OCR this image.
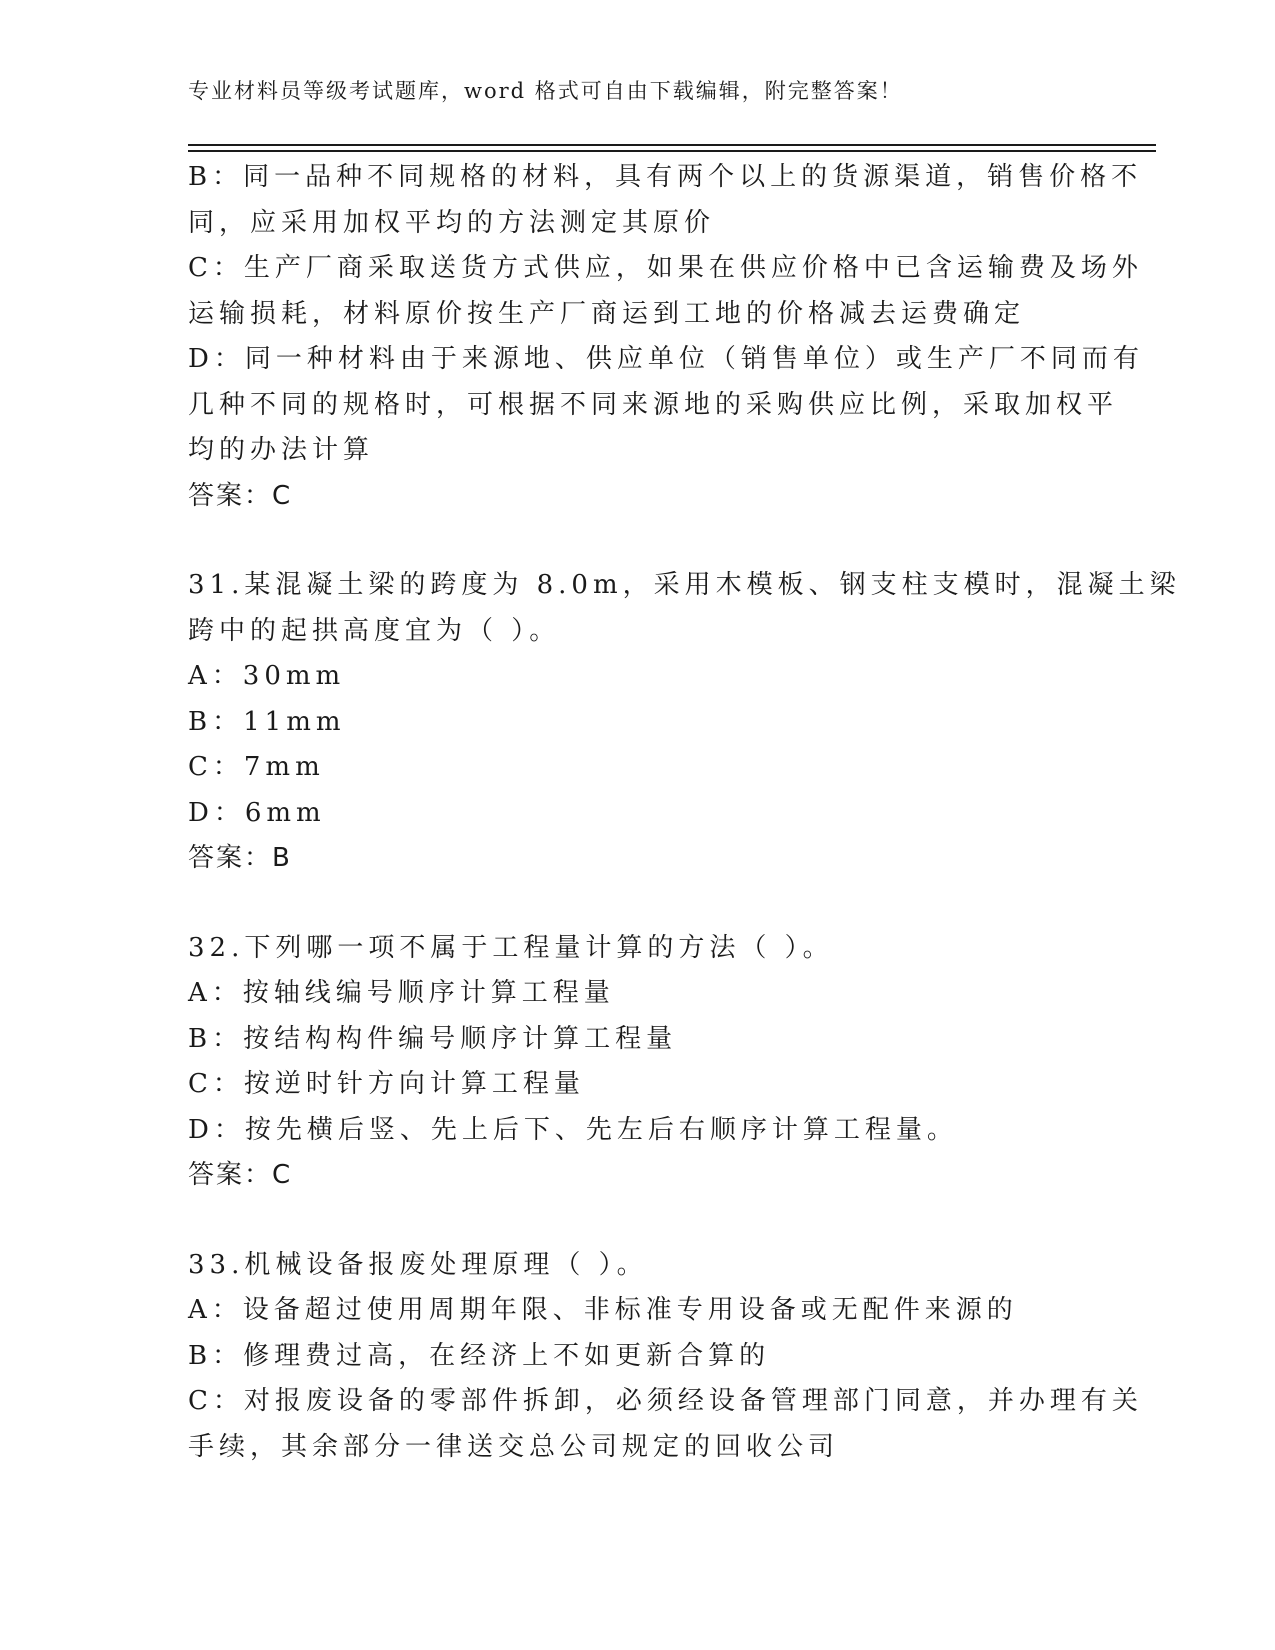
专业材料员等级考试题库，word 格式可自由下载编辑，附完整答案！
B：同一品种不同规格的材料，具有两个以上的货源渠道，销售价格不
同，应采用加权平均的方法测定其原价
C：生产厂商采取送货方式供应，如果在供应价格中已含运输费及场外
运输损耗，材料原价按生产厂商运到工地的价格减去运费确定
D：同一种材料由于来源地、供应单位（销售单位）或生产厂不同而有
几种不同的规格时，可根据不同来源地的采购供应比例，采取加权平
均的办法计算
答案：C
31.某混凝土梁的跨度为 8.0m，采用木模板、钢支柱支模时，混凝土梁
跨中的起拱高度宜为（ ）。
A：30mm
B：11mm
C：7mm
D：6mm
答案：B
32.下列哪一项不属于工程量计算的方法（ ）。
A：按轴线编号顺序计算工程量
B：按结构构件编号顺序计算工程量
C：按逆时针方向计算工程量
D：按先横后竖、先上后下、先左后右顺序计算工程量。
答案：C
33.机械设备报废处理原理（ ）。
A：设备超过使用周期年限、非标准专用设备或无配件来源的
B：修理费过高，在经济上不如更新合算的
C：对报废设备的零部件拆卸，必须经设备管理部门同意，并办理有关
手续，其余部分一律送交总公司规定的回收公司
